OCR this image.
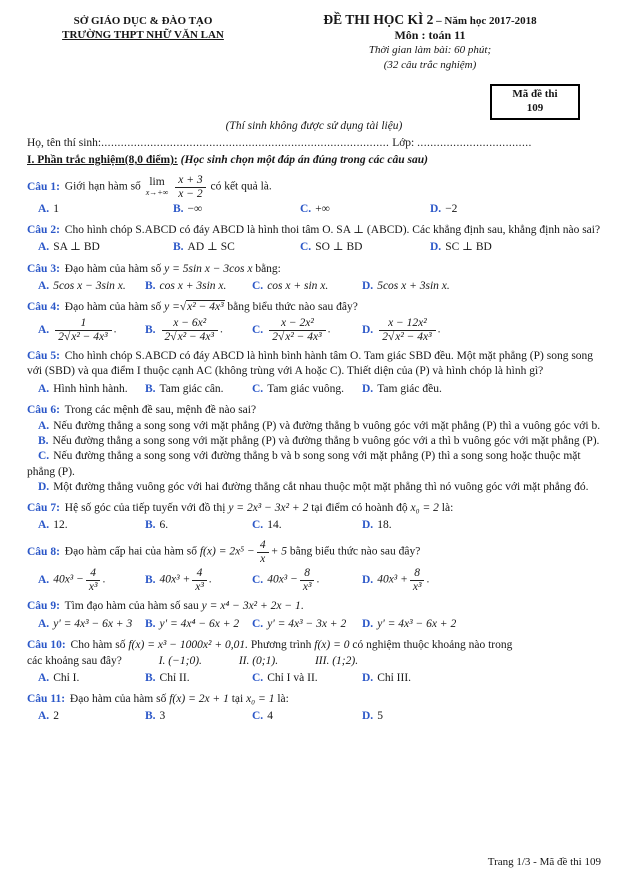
SỞ GIÁO DỤC & ĐÀO TẠO
TRƯỜNG THPT NHỮ VĂN LAN
ĐỀ THI HỌC KÌ 2 – Năm học 2017-2018
Môn : toán 11
Thời gian làm bài: 60 phút;
(32 câu trắc nghiệm)
Mã đề thi
109
(Thí sinh không được sử dụng tài liệu)
Họ, tên thí sinh:........................................................................................ Lớp: ...................................
I. Phần trắc nghiệm(8,0 điểm): (Học sinh chọn một đáp án đúng trong các câu sau)

Câu 1: Giới hạn hàm số lim
x→+∞
$\frac{x + 3}{x - 2}$ có kết quả là.

A. 1	B. −∞	C. +∞	D. −2

Câu 2: Cho hình chóp S.ABCD có đáy ABCD là hình thoi tâm O. SA ⊥ (ABCD). Các khẳng định sau, khẳng định nào sai?

A. SA ⊥ BD	B. AD ⊥ SC	C. SO ⊥ BD	D. SC ⊥ BD

Câu 3: Đạo hàm của hàm số y = 5sin x − 3cos x bằng:

A. 5cos x − 3sin x.	B. cos x + 3sin x.	C. cos x + sin x.	D. 5cos x + 3sin x.

Câu 4: Đạo hàm của hàm số y =√x² − 4x³ bằng biểu thức nào sau đây?

A. $\frac{1}{\text{2√x² − 4x³}}$ .	B. $\frac{\text{x − 6x²}}{\text{2√x² − 4x³}}$ .	C. $\frac{\text{x − 2x²}}{\text{2√x² − 4x³}}$ .	D. $\frac{\text{x − 12x²}}{\text{2√x² − 4x³}}$ .

Câu 5: Cho hình chóp S.ABCD có đáy ABCD là hình bình hành tâm O. Tam giác SBD đều. Một mặt phẳng (P) song song với (SBD) và qua điểm I thuộc cạnh AC (không trùng với A hoặc C). Thiết diện của (P) và hình chóp là hình gì?

A. Hình hình hành.	B. Tam giác cân.	C. Tam giác vuông.	D. Tam giác đều.

Câu 6: Trong các mệnh đề sau, mệnh đề nào sai?

A. Nếu đường thẳng a song song với mặt phẳng (P) và đường thẳng b vuông góc với mặt phẳng (P) thì a vuông góc với b.

B. Nếu đường thẳng a song song với mặt phẳng (P) và đường thẳng b vuông góc với a thì b vuông góc với mặt phẳng (P).

C. Nếu đường thẳng a song song với đường thẳng b và b song song với mặt phẳng (P) thì a song song hoặc thuộc mặt phẳng (P).

D. Một đường thẳng vuông góc với hai đường thẳng cắt nhau thuộc một mặt phẳng thì nó vuông góc với mặt phẳng đó.

Câu 7: Hệ số góc của tiếp tuyến với đồ thị y = 2x³ − 3x² + 2 tại điểm có hoành độ x₀ = 2 là:

A. 12.	B. 6.	C. 14.	D. 18.

Câu 8: Đạo hàm cấp hai của hàm số $f(x) = 2x^5 - \frac{4}{x} + 5$ bằng biểu thức nào sau đây?

A. $40x^3 - \frac{4}{\text{x³}}$ .	B. $40x^3 + \frac{4}{\text{x³}}$ .	C. $40x^3 - \frac{8}{\text{x³}}$ .	D. $40x^3 + \frac{8}{\text{x³}}$ .

Câu 9: Tìm đạo hàm của hàm số sau y = x⁴ − 3x² + 2x − 1.

A. y' = 4x³ − 6x + 3	B. y' = 4x⁴ − 6x + 2	C. y' = 4x³ − 3x + 2	D. y' = 4x³ − 6x + 2

Câu 10: Cho hàm số f(x) = x³ − 1000x² + 0,01. Phương trình f(x) = 0 có nghiệm thuộc khoảng nào trong

các khoảng sau đây?	I. (−1;0).	II. (0;1).	III. (1;2).

A. Chỉ I.	B. Chỉ II.	C. Chỉ I và II.	D. Chỉ III.

Câu 11: Đạo hàm của hàm số f(x) = 2x + 1 tại x₀ = 1 là:

A. 2	B. 3	C. 4	D. 5
Trang 1/3 - Mã đề thi 109
